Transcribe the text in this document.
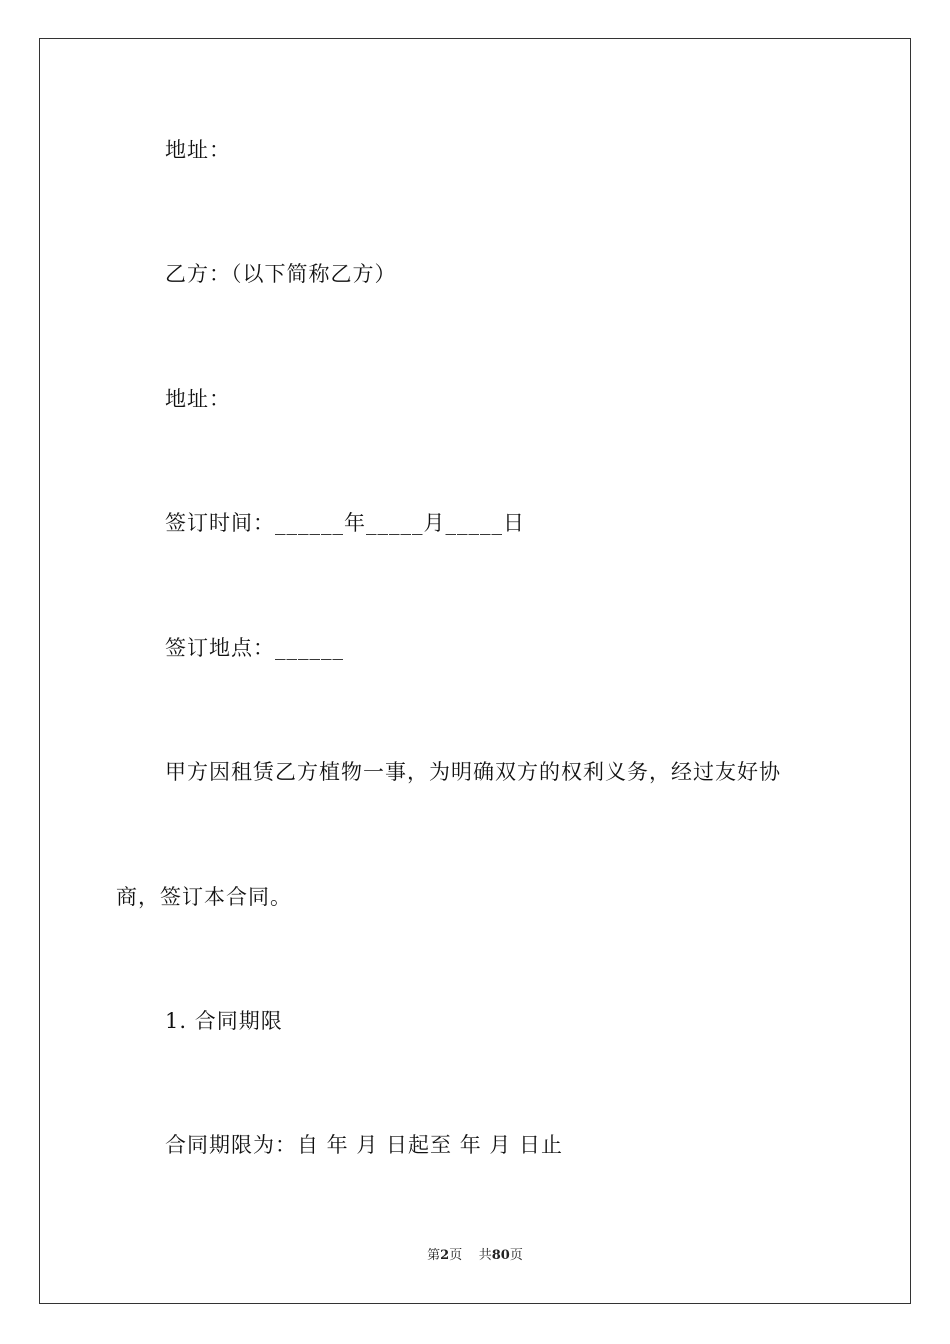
地址：
乙方：（以下简称乙方）
地址：
签订时间：______年_____月_____日
签订地点：______
甲方因租赁乙方植物一事，为明确双方的权利义务，经过友好协
商，签订本合同。
1. 合同期限
合同期限为：自 年 月 日起至 年 月 日止
第2页 共80页
